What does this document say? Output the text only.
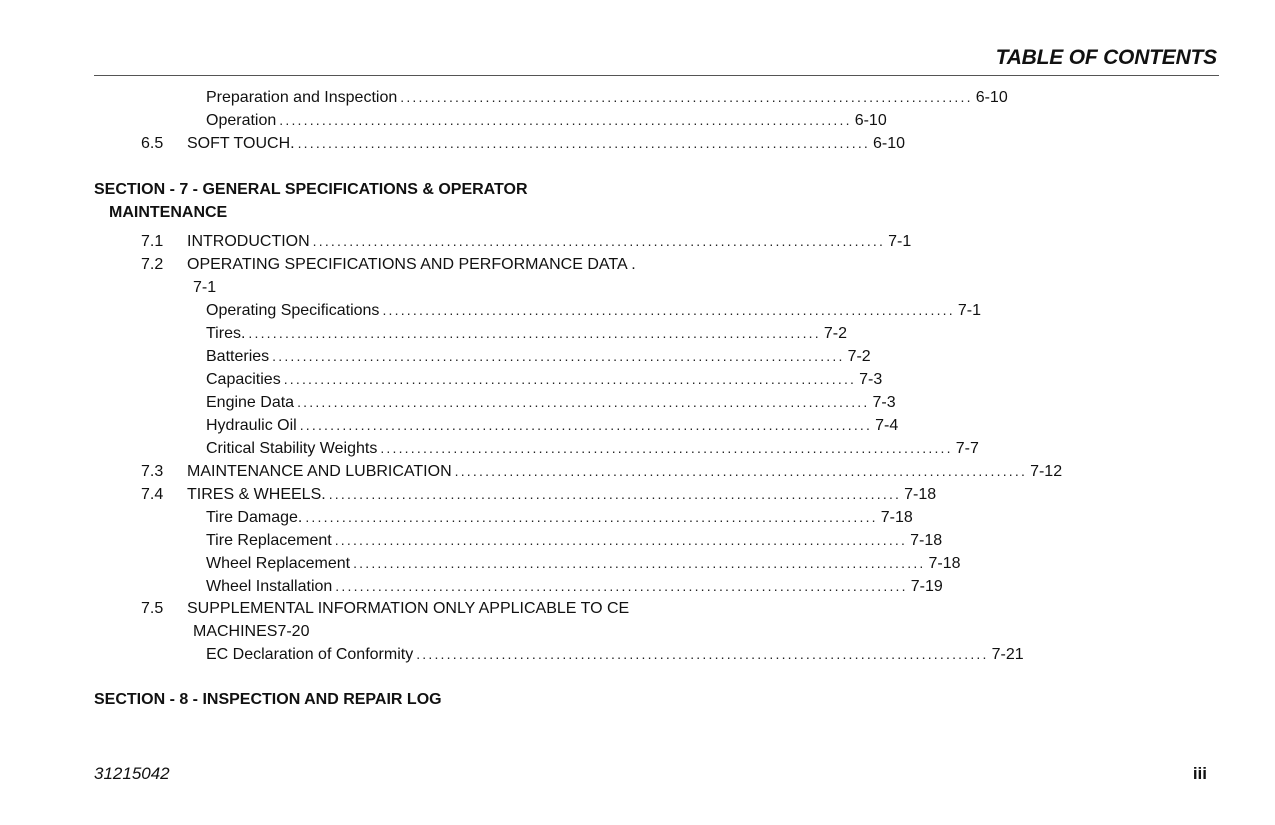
TABLE OF CONTENTS
Preparation and Inspection .............................................................................................. 6-10
Operation .............................................................................................. 6-10
6.5 SOFT TOUCH. .............................................................................................. 6-10
SECTION - 7 - GENERAL SPECIFICATIONS & OPERATOR
MAINTENANCE
7.1 INTRODUCTION .............................................................................................. 7-1
7.2 OPERATING SPECIFICATIONS AND PERFORMANCE DATA .
7-1
Operating Specifications .............................................................................................. 7-1
Tires. .............................................................................................. 7-2
Batteries .............................................................................................. 7-2
Capacities .............................................................................................. 7-3
Engine Data .............................................................................................. 7-3
Hydraulic Oil .............................................................................................. 7-4
Critical Stability Weights .............................................................................................. 7-7
7.3 MAINTENANCE AND LUBRICATION .............................................................................................. 7-12
7.4 TIRES & WHEELS. .............................................................................................. 7-18
Tire Damage. .............................................................................................. 7-18
Tire Replacement .............................................................................................. 7-18
Wheel Replacement .............................................................................................. 7-18
Wheel Installation .............................................................................................. 7-19
7.5 SUPPLEMENTAL INFORMATION ONLY APPLICABLE TO CE
MACHINES7-20
EC Declaration of Conformity .............................................................................................. 7-21
SECTION - 8 - INSPECTION AND REPAIR LOG
31215042	iii
